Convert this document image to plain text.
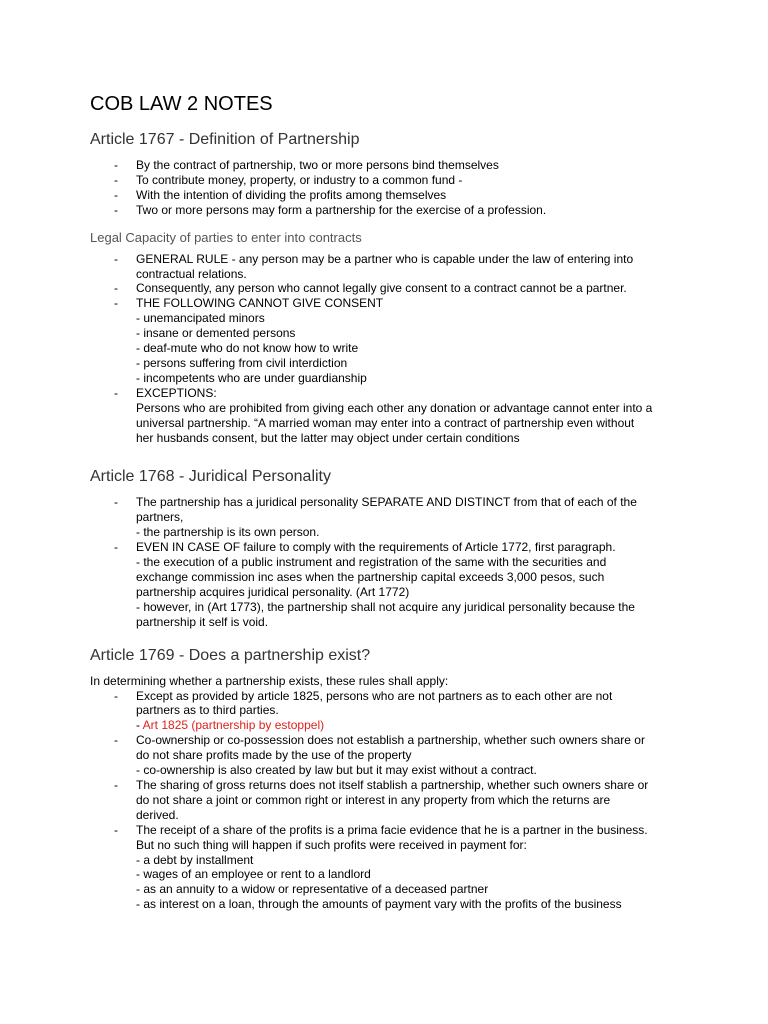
COB LAW 2 NOTES
Article 1767 - Definition of Partnership
- By the contract of partnership, two or more persons bind themselves
- To contribute money, property, or industry to a common fund -
- With the intention of dividing the profits among themselves
- Two or more persons may form a partnership for the exercise of a profession.
Legal Capacity of parties to enter into contracts
- GENERAL RULE - any person may be a partner who is capable under the law of entering into
contractual relations.
- Consequently, any person who cannot legally give consent to a contract cannot be a partner.
- THE FOLLOWING CANNOT GIVE CONSENT
- unemancipated minors
- insane or demented persons
- deaf-mute who do not know how to write
- persons suffering from civil interdiction
- incompetents who are under guardianship
- EXCEPTIONS:
Persons who are prohibited from giving each other any donation or advantage cannot enter into a
universal partnership. “A married woman may enter into a contract of partnership even without
her husbands consent, but the latter may object under certain conditions
Article 1768 - Juridical Personality
- The partnership has a juridical personality SEPARATE AND DISTINCT from that of each of the
partners,
- the partnership is its own person.
- EVEN IN CASE OF failure to comply with the requirements of Article 1772, first paragraph.
- the execution of a public instrument and registration of the same with the securities and
exchange commission inc ases when the partnership capital exceeds 3,000 pesos, such
partnership acquires juridical personality. (Art 1772)
- however, in (Art 1773), the partnership shall not acquire any juridical personality because the
partnership it self is void.
Article 1769 - Does a partnership exist?

In determining whether a partnership exists, these rules shall apply:

- Except as provided by article 1825, persons who are not partners as to each other are not
partners as to third parties.
- Art 1825 (partnership by estoppel)
- Co-ownership or co-possession does not establish a partnership, whether such owners share or
do not share profits made by the use of the property
- co-ownership is also created by law but but it may exist without a contract.
- The sharing of gross returns does not itself stablish a partnership, whether such owners share or
do not share a joint or common right or interest in any property from which the returns are
derived.
- The receipt of a share of the profits is a prima facie evidence that he is a partner in the business.
But no such thing will happen if such profits were received in payment for:
- a debt by installment
- wages of an employee or rent to a landlord
- as an annuity to a widow or representative of a deceased partner
- as interest on a loan, through the amounts of payment vary with the profits of the business
